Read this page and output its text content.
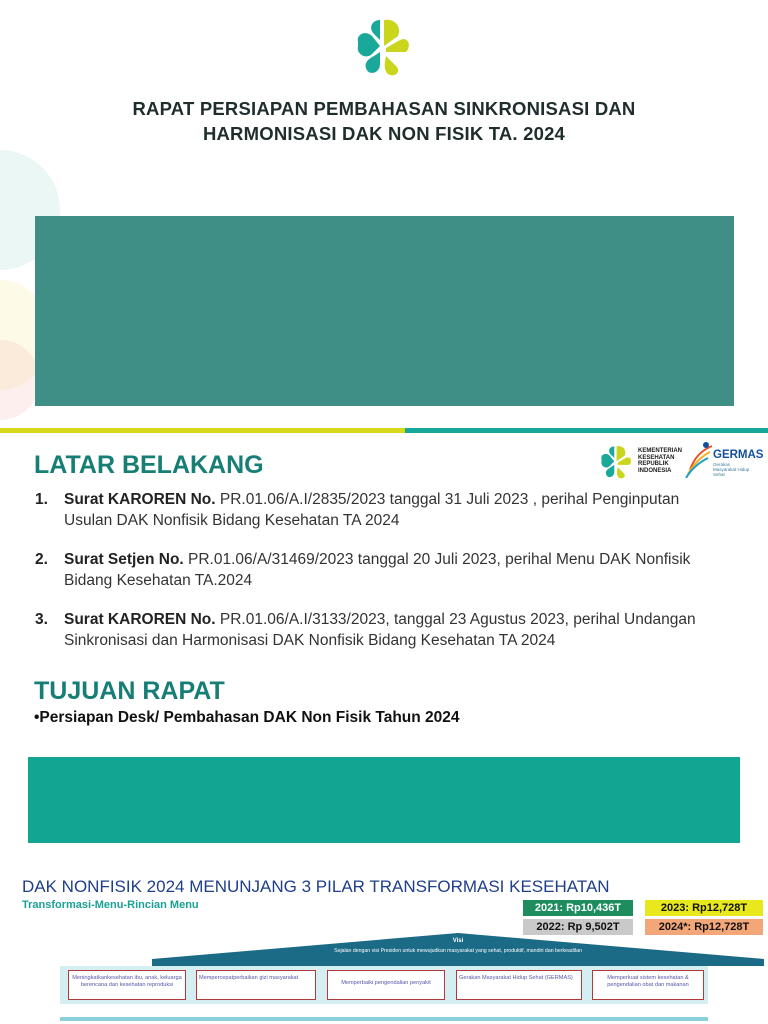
RAPAT PERSIAPAN PEMBAHASAN SINKRONISASI DAN
HARMONISASI DAK NON FISIK TA. 2024
KEMENTERIAN
KESEHATAN
REPUBLIK
INDONESIA
GERMAS
Gerakan Masyarakat Hidup Sehat
LATAR BELAKANG
1. Surat KAROREN No. PR.01.06/A.I/2835/2023 tanggal 31 Juli 2023 , perihal Penginputan Usulan DAK Nonfisik Bidang Kesehatan TA 2024
2. Surat Setjen No. PR.01.06/A/31469/2023 tanggal 20 Juli 2023, perihal Menu DAK Nonfisik Bidang Kesehatan TA.2024
3. Surat KAROREN No. PR.01.06/A.I/3133/2023, tanggal 23 Agustus 2023, perihal Undangan Sinkronisasi dan Harmonisasi DAK Nonfisik Bidang Kesehatan TA 2024
TUJUAN RAPAT
•Persiapan Desk/ Pembahasan DAK Non Fisik Tahun 2024
DAK NONFISIK 2024 MENUNJANG 3 PILAR TRANSFORMASI KESEHATAN
Transformasi-Menu-Rincian Menu	2021: Rp10,436T	2023: Rp12,728T
2022: Rp 9,502T	2024*: Rp12,728T
Visi
Sejalan dengan visi Presiden untuk mewujudkan masyarakat yang sehat, produktif, mandiri dan berkeadilan
Meningkatkankesehatan ibu, anak, keluarga berencana dan kesehatan reproduksi
Mempercepatperbaikan gizi masyarakat
Memperbaiki pengendalian penyakit
Gerakan Masyarakat Hidup Sehat (GERMAS)	Memperkuat sistem kesehatan & pengendalian obat dan makanan
